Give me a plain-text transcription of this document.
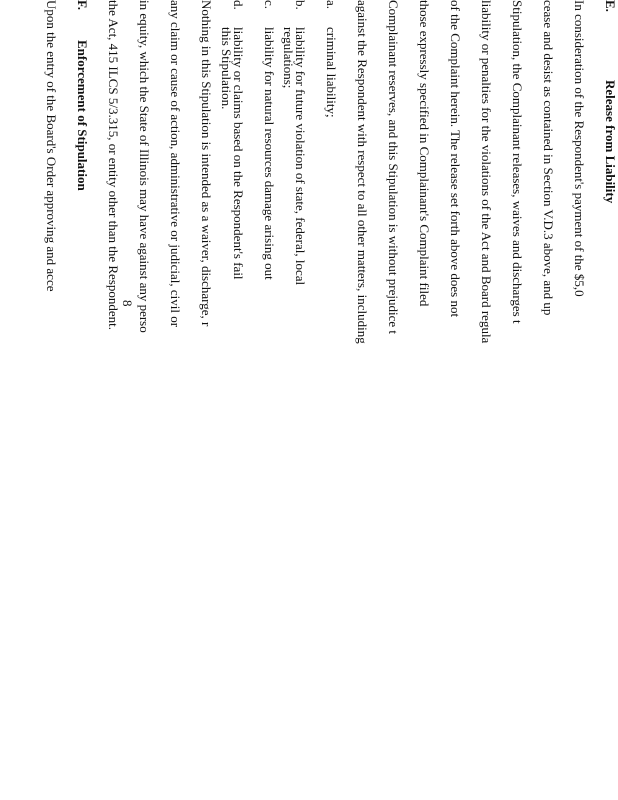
E.
Release from Liability
In consideration of the Respondent's payment of the $5,0
cease and desist as contained in Section V.D.3 above, and up
Stipulation, the Complainant releases, waives and discharges t
liability or penalties for the violations of the Act and Board regula
of the Complaint herein. The release set forth above does not
those expressly specified in Complainant's Complaint filed
Complainant reserves, and this Stipulation is without prejudice t
against the Respondent with respect to all other matters, including
a.
criminal liability;
b.
liability for future violation of state, federal, local
regulations;
c.
liability for natural resources damage arising out
d.
liability or claims based on the Respondent's fail
this Stipulation.
Nothing in this Stipulation is intended as a waiver, discharge, r
any claim or cause of action, administrative or judicial, civil or
in equity, which the State of Illinois may have against any perso
the Act, 415 ILCS 5/3.315, or entity other than the Respondent.
F.
Enforcement of Stipulation
Upon the entry of the Board's Order approving and acce
8
